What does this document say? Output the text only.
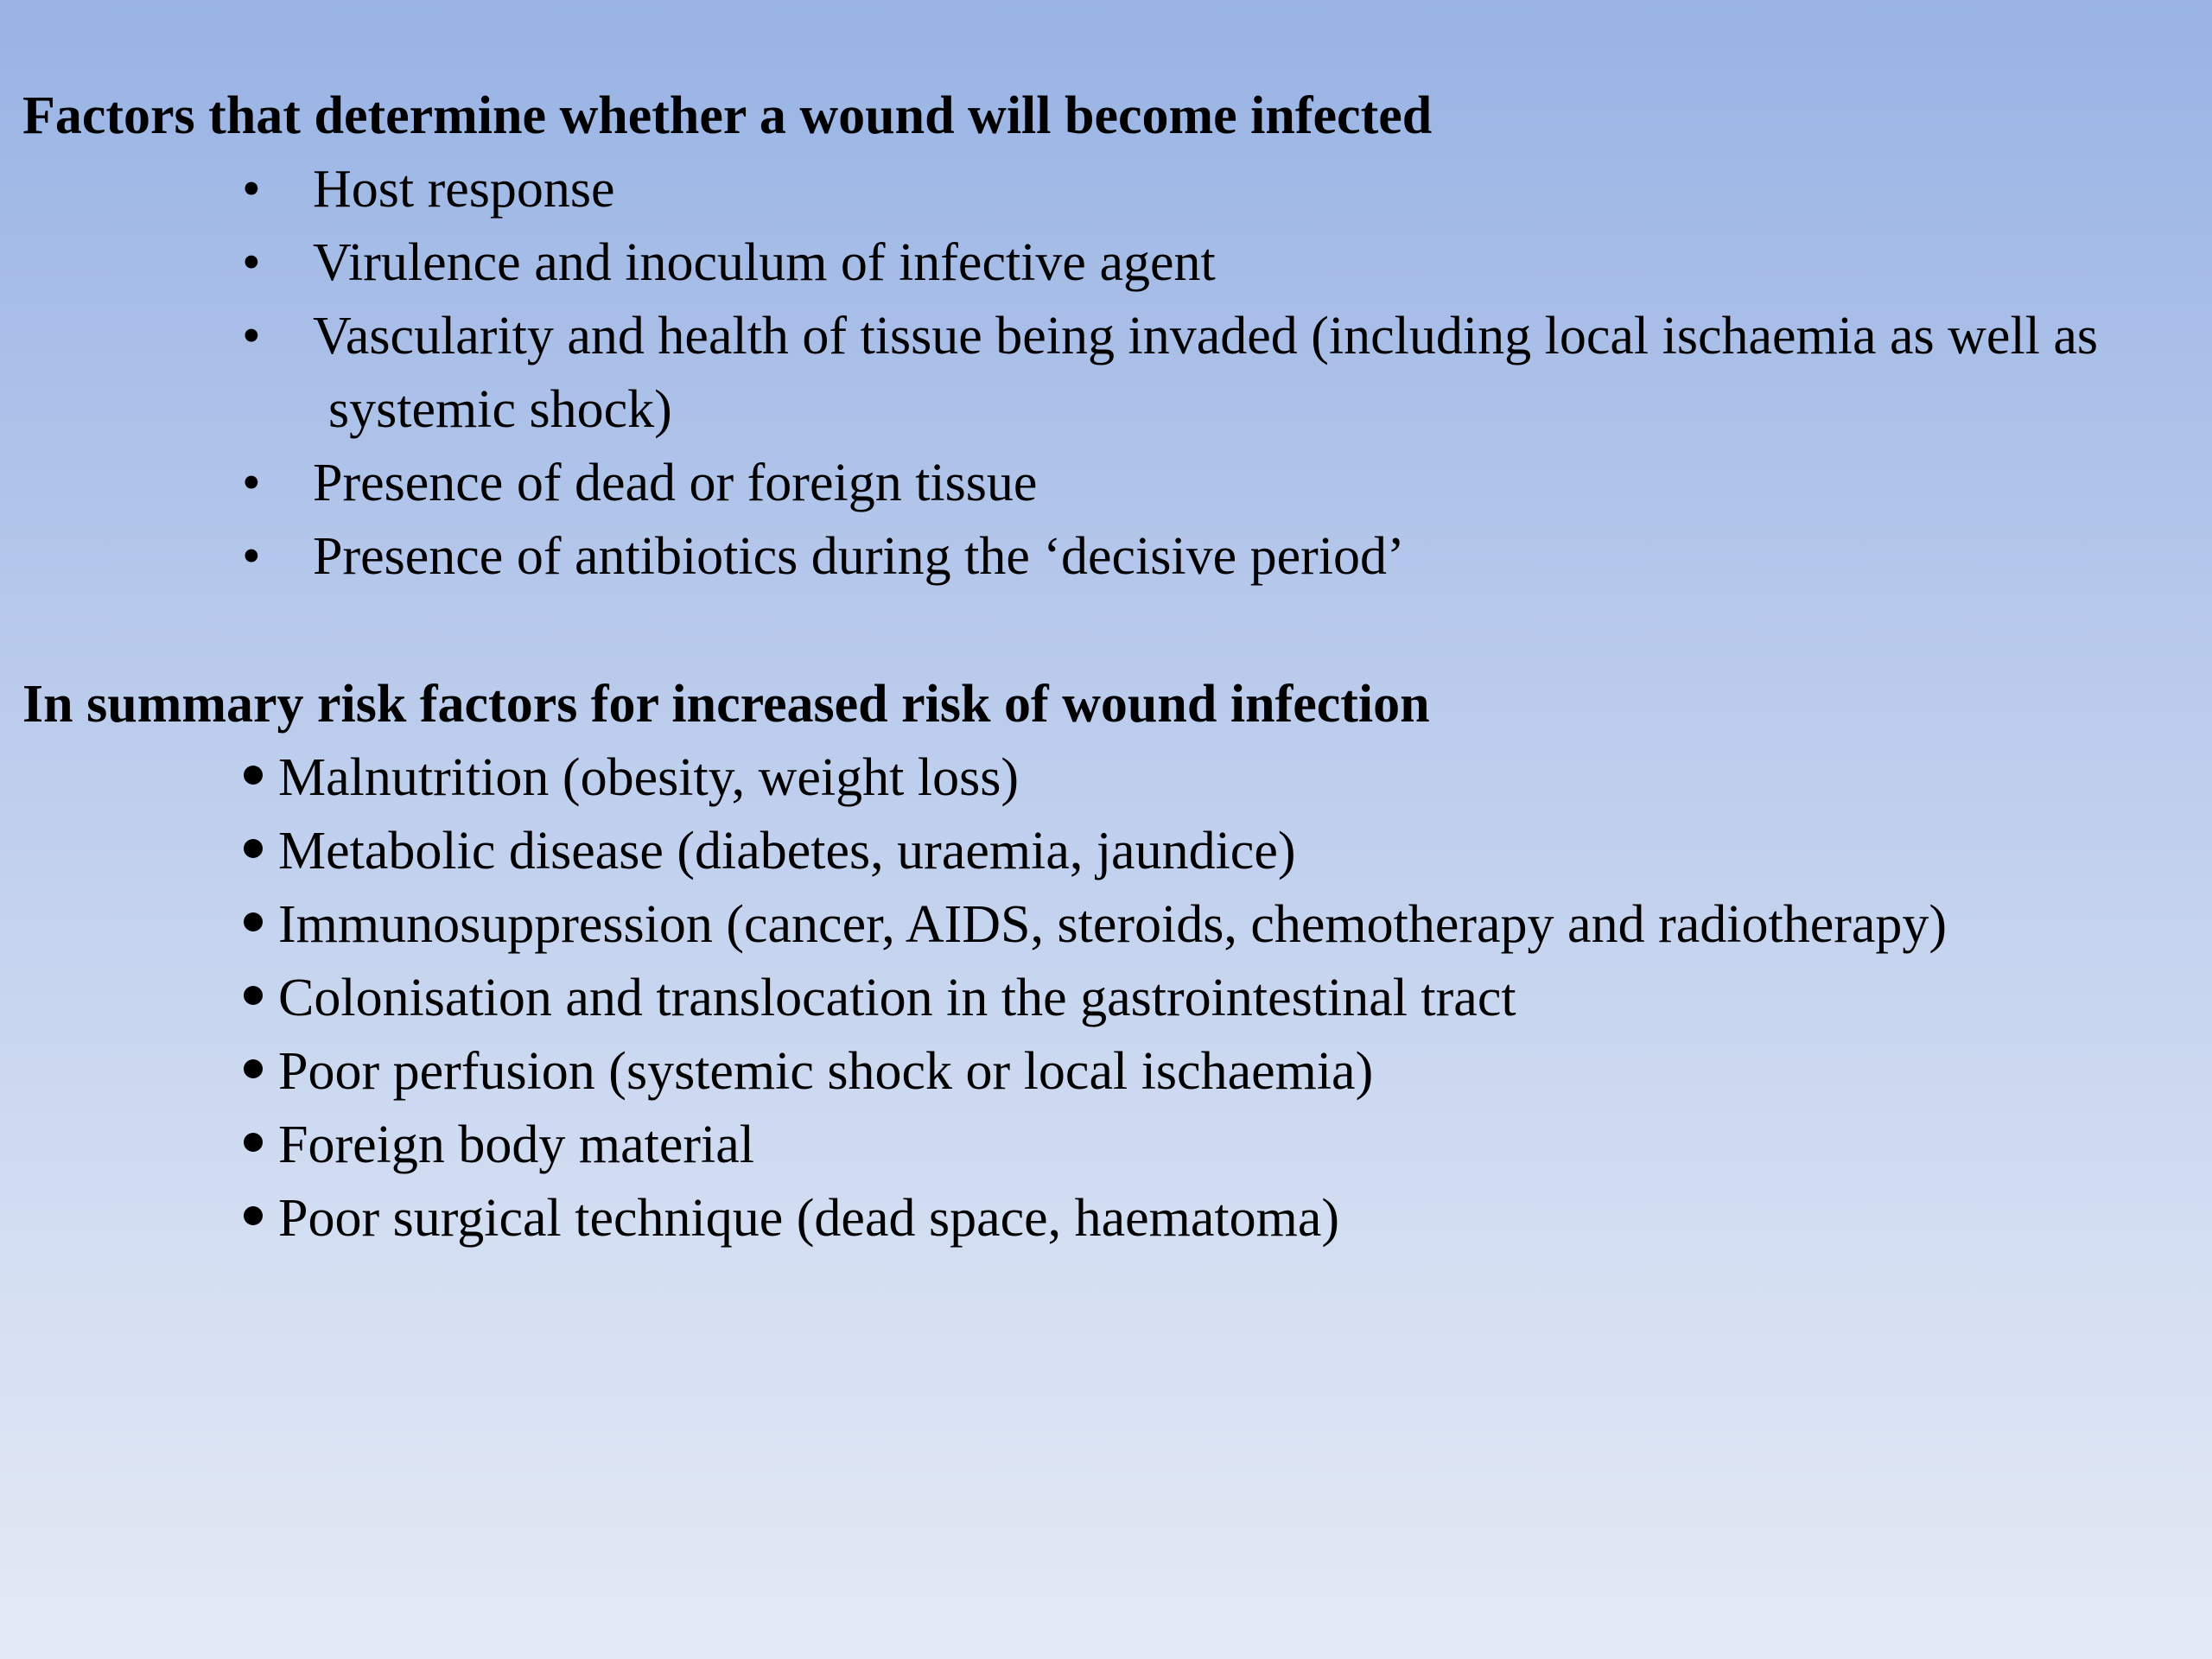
Factors that determine whether a wound will become infected
• Host response
• Virulence and inoculum of infective agent
• Vascularity and health of tissue being invaded (including local ischaemia as well as systemic shock)
• Presence of dead or foreign tissue
• Presence of antibiotics during the ‘decisive period’
In summary risk factors for increased risk of wound infection
Malnutrition (obesity, weight loss)
Metabolic disease (diabetes, uraemia, jaundice)
Immunosuppression (cancer, AIDS, steroids, chemotherapy and radiotherapy)
Colonisation and translocation in the gastrointestinal tract
Poor perfusion (systemic shock or local ischaemia)
Foreign body material
Poor surgical technique (dead space, haematoma)
